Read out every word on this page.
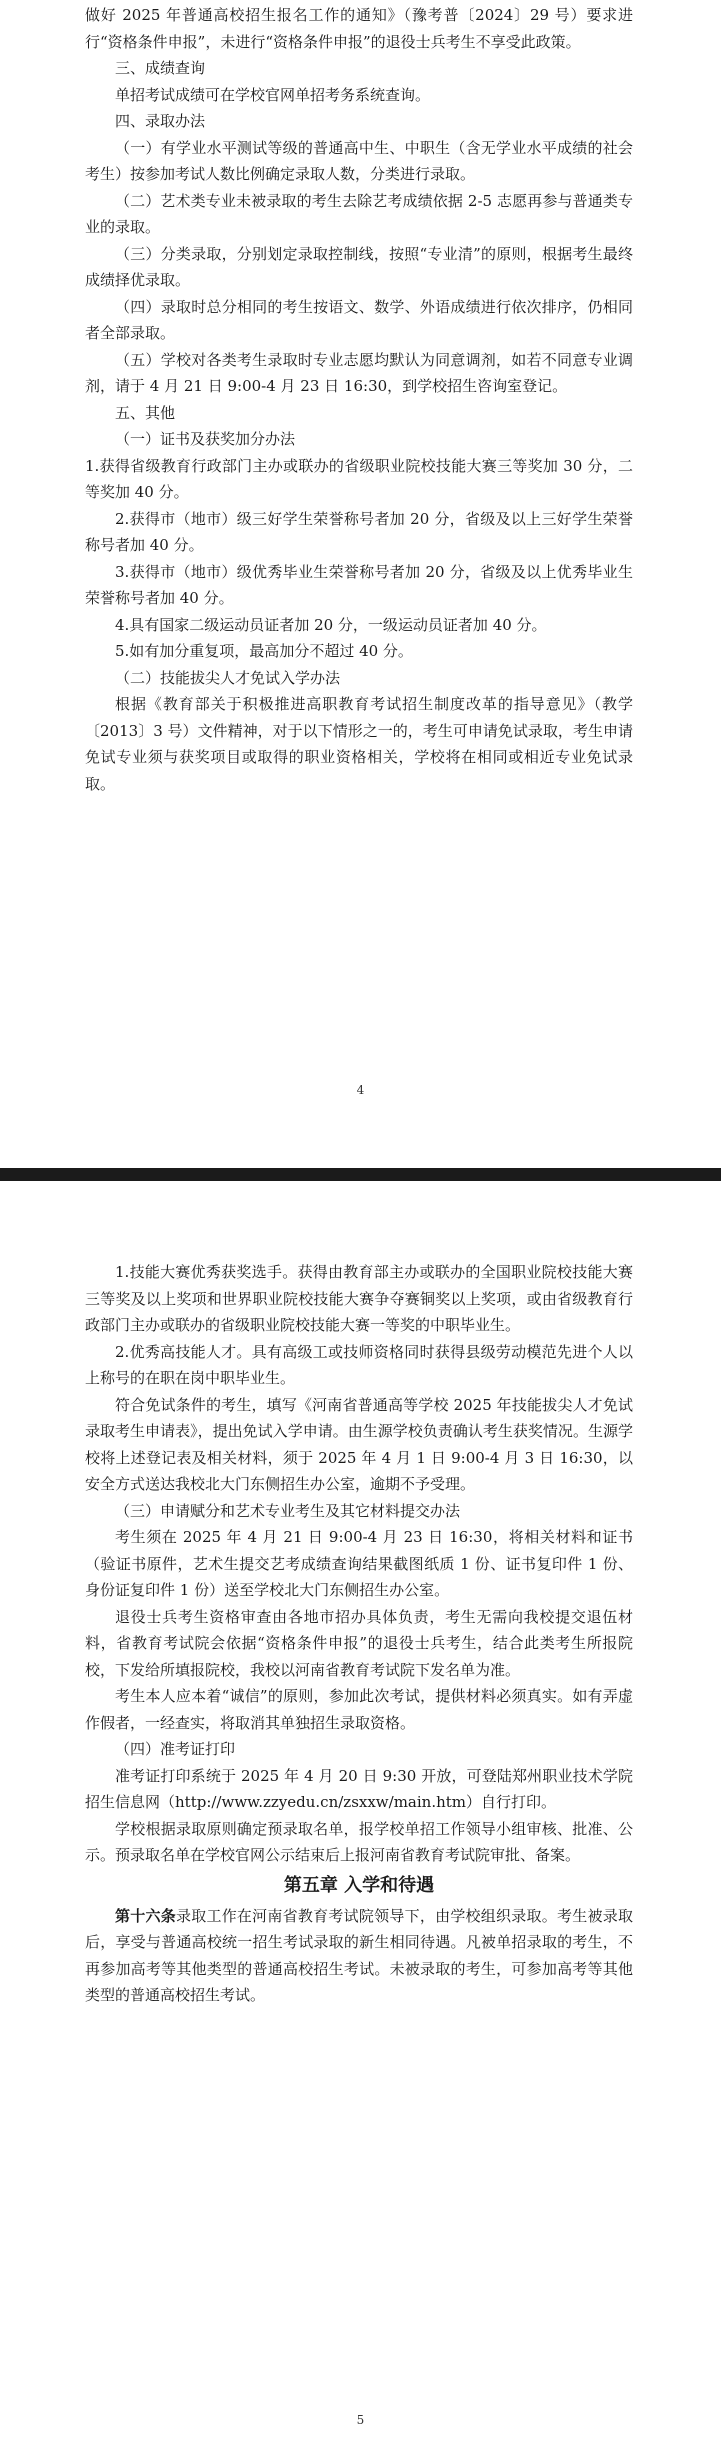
做好 2025 年普通高校招生报名工作的通知》（豫考普〔2024〕29 号）要求进行“资格条件申报”，未进行“资格条件申报”的退役士兵考生不享受此政策。

三、成绩查询

单招考试成绩可在学校官网单招考务系统查询。

四、录取办法

（一）有学业水平测试等级的普通高中生、中职生（含无学业水平成绩的社会考生）按参加考试人数比例确定录取人数，分类进行录取。

（二）艺术类专业未被录取的考生去除艺考成绩依据 2-5 志愿再参与普通类专业的录取。

（三）分类录取，分别划定录取控制线，按照“专业清”的原则，根据考生最终成绩择优录取。

（四）录取时总分相同的考生按语文、数学、外语成绩进行依次排序，仍相同者全部录取。

（五）学校对各类考生录取时专业志愿均默认为同意调剂，如若不同意专业调剂，请于 4 月 21 日 9:00-4 月 23 日 16:30，到学校招生咨询室登记。

五、其他

（一）证书及获奖加分办法

1.获得省级教育行政部门主办或联办的省级职业院校技能大赛三等奖加 30 分，二等奖加 40 分。

2.获得市（地市）级三好学生荣誉称号者加 20 分，省级及以上三好学生荣誉称号者加 40 分。

3.获得市（地市）级优秀毕业生荣誉称号者加 20 分，省级及以上优秀毕业生荣誉称号者加 40 分。

4.具有国家二级运动员证者加 20 分，一级运动员证者加 40 分。

5.如有加分重复项，最高加分不超过 40 分。

（二）技能拔尖人才免试入学办法

根据《教育部关于积极推进高职教育考试招生制度改革的指导意见》（教学〔2013〕3 号）文件精神，对于以下情形之一的，考生可申请免试录取，考生申请免试专业须与获奖项目或取得的职业资格相关，学校将在相同或相近专业免试录取。

4

1.技能大赛优秀获奖选手。获得由教育部主办或联办的全国职业院校技能大赛三等奖及以上奖项和世界职业院校技能大赛争夺赛铜奖以上奖项，或由省级教育行政部门主办或联办的省级职业院校技能大赛一等奖的中职毕业生。

2.优秀高技能人才。具有高级工或技师资格同时获得县级劳动模范先进个人以上称号的在职在岗中职毕业生。

符合免试条件的考生，填写《河南省普通高等学校 2025 年技能拔尖人才免试录取考生申请表》，提出免试入学申请。由生源学校负责确认考生获奖情况。生源学校将上述登记表及相关材料，须于 2025 年 4 月 1 日 9:00-4 月 3 日 16:30，以安全方式送达我校北大门东侧招生办公室，逾期不予受理。

（三）申请赋分和艺术专业考生及其它材料提交办法

考生须在 2025 年 4 月 21 日 9:00-4 月 23 日 16:30，将相关材料和证书（验证书原件，艺术生提交艺考成绩查询结果截图纸质 1 份、证书复印件 1 份、身份证复印件 1 份）送至学校北大门东侧招生办公室。

退役士兵考生资格审查由各地市招办具体负责，考生无需向我校提交退伍材料，省教育考试院会依据“资格条件申报”的退役士兵考生，结合此类考生所报院校，下发给所填报院校，我校以河南省教育考试院下发名单为准。

考生本人应本着“诚信”的原则，参加此次考试，提供材料必须真实。如有弄虚作假者，一经查实，将取消其单独招生录取资格。

（四）准考证打印

准考证打印系统于 2025 年 4 月 20 日 9:30 开放，可登陆郑州职业技术学院招生信息网（http://www.zzyedu.cn/zsxxw/main.htm）自行打印。

学校根据录取原则确定预录取名单，报学校单招工作领导小组审核、批准、公示。预录取名单在学校官网公示结束后上报河南省教育考试院审批、备案。

第五章 入学和待遇

第十六条录取工作在河南省教育考试院领导下，由学校组织录取。考生被录取后，享受与普通高校统一招生考试录取的新生相同待遇。凡被单招录取的考生，不再参加高考等其他类型的普通高校招生考试。未被录取的考生，可参加高考等其他类型的普通高校招生考试。

5
